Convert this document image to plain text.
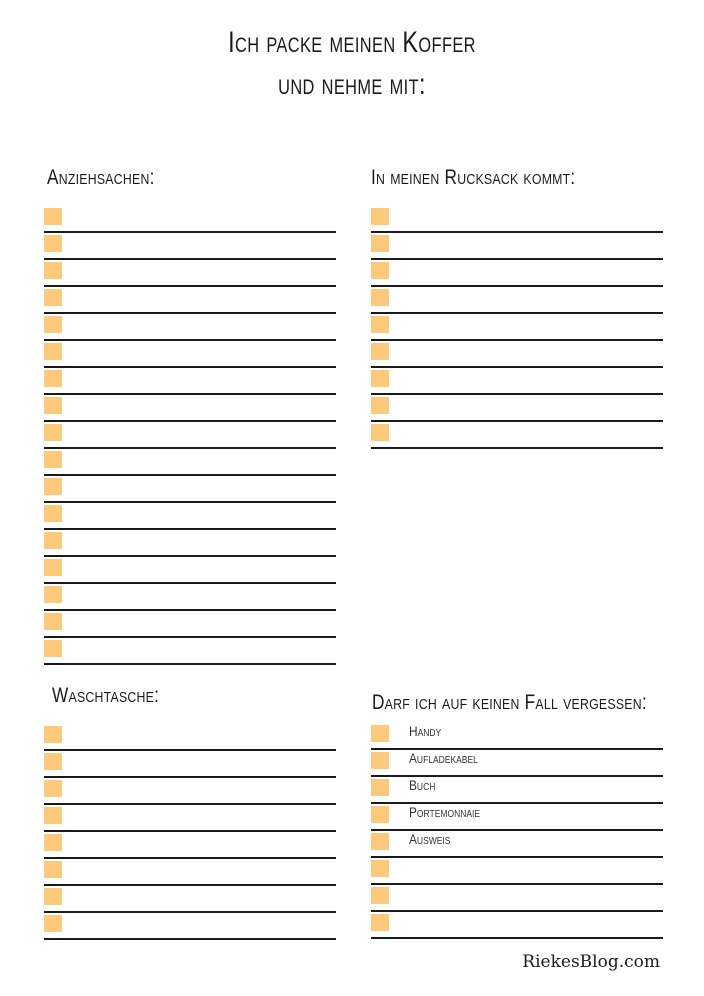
Ich packe meinen Koffer
und nehme mit:
Anziehsachen:	In meinen Rucksack kommt:
Waschtasche:	Darf ich auf keinen Fall vergessen:
Handy
Aufladekabel
Buch
Portemonnaie
Ausweis
RiekesBlog.com
